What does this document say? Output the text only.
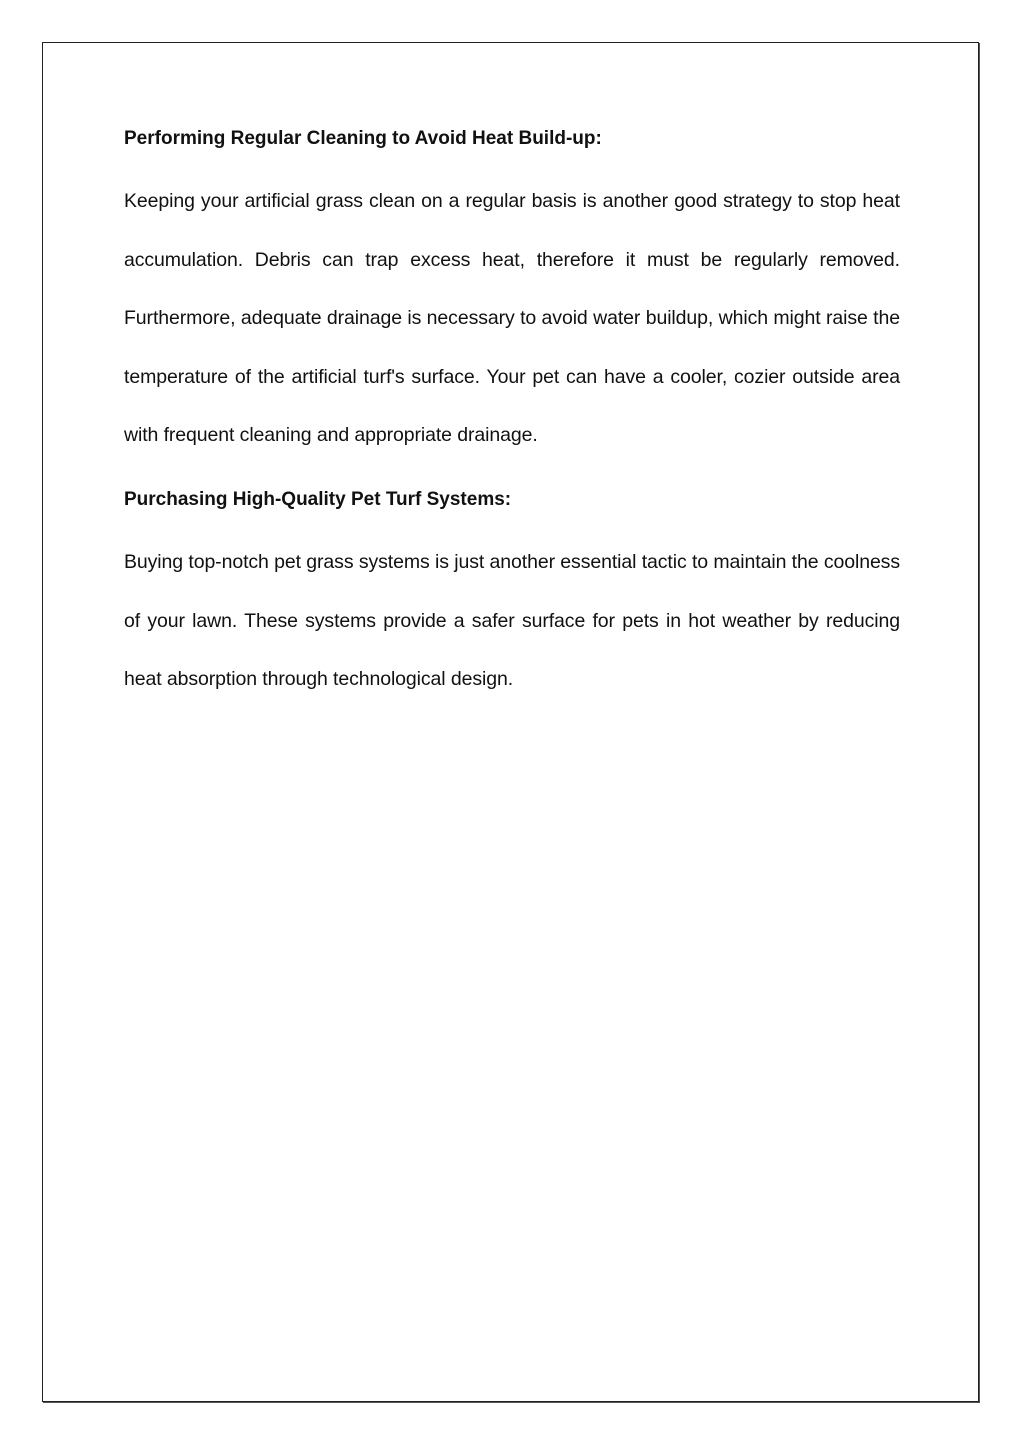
Performing Regular Cleaning to Avoid Heat Build-up:

Keeping your artificial grass clean on a regular basis is another good strategy to stop heat accumulation. Debris can trap excess heat, therefore it must be regularly removed. Furthermore, adequate drainage is necessary to avoid water buildup, which might raise the temperature of the artificial turf's surface. Your pet can have a cooler, cozier outside area with frequent cleaning and appropriate drainage.

Purchasing High-Quality Pet Turf Systems:

Buying top-notch pet grass systems is just another essential tactic to maintain the coolness of your lawn. These systems provide a safer surface for pets in hot weather by reducing heat absorption through technological design.
